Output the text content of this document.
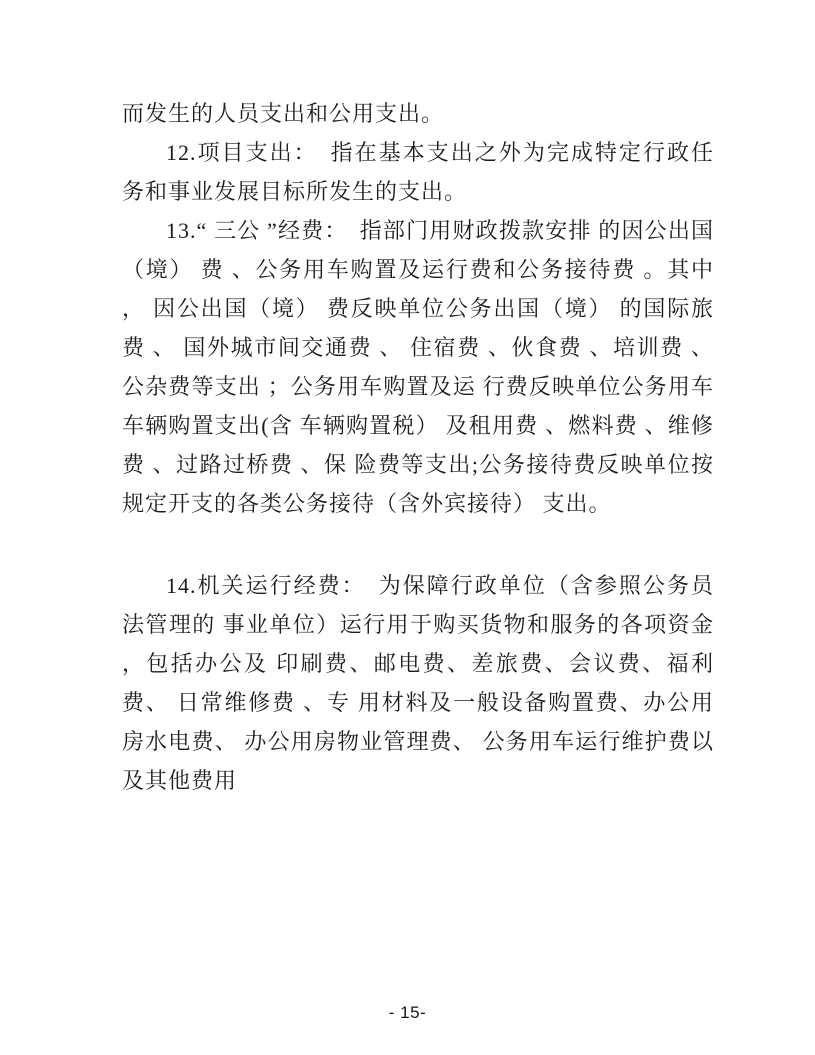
而发生的人员支出和公用支出。

12.项目支出：　指在基本支出之外为完成特定行政任务和事业发展目标所发生的支出。

13.“ 三公 ”经费：　指部门用财政拨款安排 的因公出国（境） 费 、公务用车购置及运行费和公务接待费 。其中 ， 因公出国（境） 费反映单位公务出国（境） 的国际旅费 、 国外城市间交通费 、 住宿费 、伙食费 、培训费 、公杂费等支出 ；公务用车购置及运 行费反映单位公务用车车辆购置支出(含 车辆购置税） 及租用费 、燃料费 、维修费 、过路过桥费 、保 险费等支出;公务接待费反映单位按规定开支的各类公务接待（含外宾接待） 支出。

14.机关运行经费：　为保障行政单位（含参照公务员法管理的 事业单位）运行用于购买货物和服务的各项资金 ，包括办公及 印刷费、邮电费、差旅费、会议费、福利费、 日常维修费 、专 用材料及一般设备购置费、办公用房水电费、 办公用房物业管理费、 公务用车运行维护费以及其他费用

- 15-
